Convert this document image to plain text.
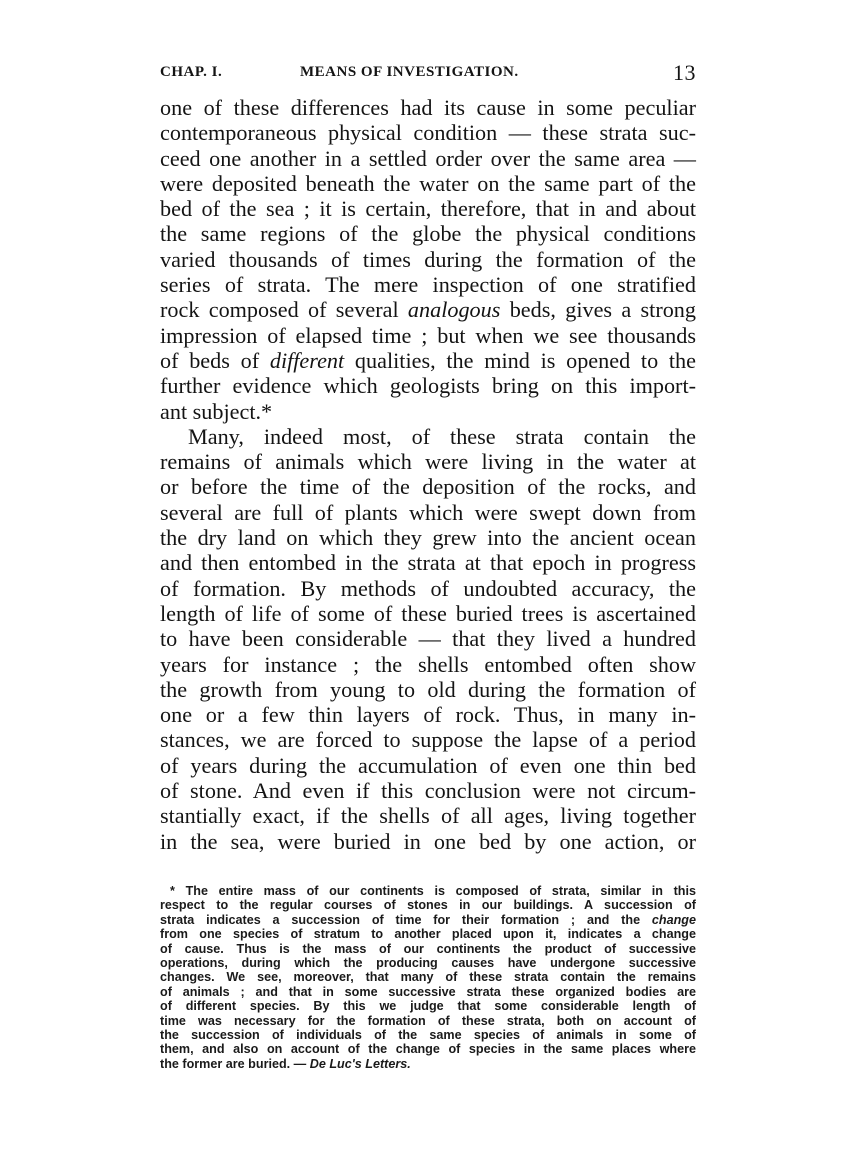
CHAP. I.	MEANS OF INVESTIGATION.	13
one of these differences had its cause in some peculiar
contemporaneous physical condition — these strata suc-
ceed one another in a settled order over the same area —
were deposited beneath the water on the same part of the
bed of the sea ; it is certain, therefore, that in and about
the same regions of the globe the physical conditions
varied thousands of times during the formation of the
series of strata. The mere inspection of one stratified
rock composed of several analogous beds, gives a strong
impression of elapsed time ; but when we see thousands
of beds of different qualities, the mind is opened to the
further evidence which geologists bring on this import-
ant subject.*
Many, indeed most, of these strata contain the
remains of animals which were living in the water at
or before the time of the deposition of the rocks, and
several are full of plants which were swept down from
the dry land on which they grew into the ancient ocean
and then entombed in the strata at that epoch in progress
of formation. By methods of undoubted accuracy, the
length of life of some of these buried trees is ascertained
to have been considerable — that they lived a hundred
years for instance ; the shells entombed often show
the growth from young to old during the formation of
one or a few thin layers of rock. Thus, in many in-
stances, we are forced to suppose the lapse of a period
of years during the accumulation of even one thin bed
of stone. And even if this conclusion were not circum-
stantially exact, if the shells of all ages, living together
in the sea, were buried in one bed by one action, or
* The entire mass of our continents is composed of strata, similar in this
respect to the regular courses of stones in our buildings. A succession of
strata indicates a succession of time for their formation ; and the change
from one species of stratum to another placed upon it, indicates a change
of cause. Thus is the mass of our continents the product of successive
operations, during which the producing causes have undergone successive
changes. We see, moreover, that many of these strata contain the remains
of animals ; and that in some successive strata these organized bodies are
of different species. By this we judge that some considerable length of
time was necessary for the formation of these strata, both on account of
the succession of individuals of the same species of animals in some of
them, and also on account of the change of species in the same places where
the former are buried. — De Luc's Letters.
